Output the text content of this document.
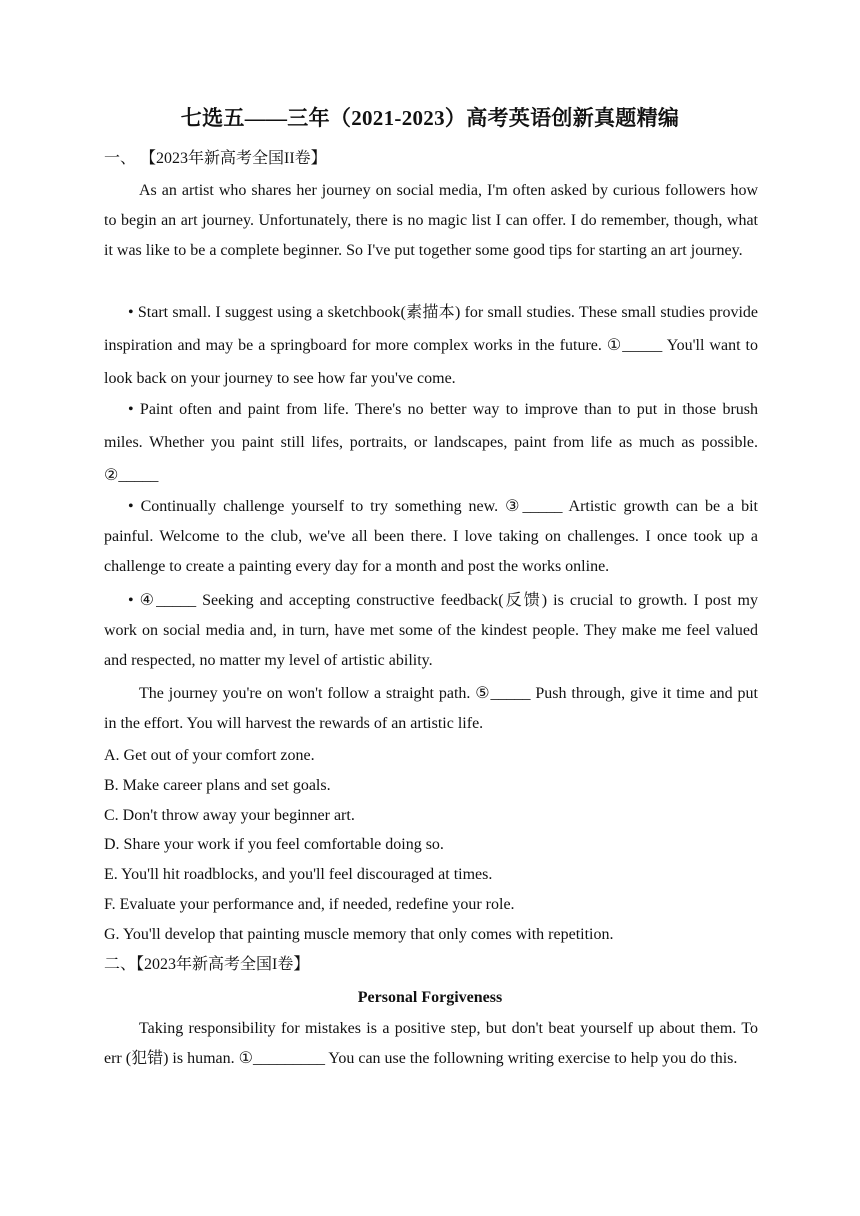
七选五——三年（2021-2023）高考英语创新真题精编
一、 【2023年新高考全国II卷】

As an artist who shares her journey on social media, I'm often asked by curious followers how to begin an art journey. Unfortunately, there is no magic list I can offer. I do remember, though, what it was like to be a complete beginner. So I've put together some good tips for starting an art journey.

• Start small. I suggest using a sketchbook(素描本) for small studies. These small studies provide inspiration and may be a springboard for more complex works in the future. ①_____ You'll want to look back on your journey to see how far you've come.

• Paint often and paint from life. There's no better way to improve than to put in those brush miles. Whether you paint still lifes, portraits, or landscapes, paint from life as much as possible. ②_____

• Continually challenge yourself to try something new. ③_____ Artistic growth can be a bit painful. Welcome to the club, we've all been there. I love taking on challenges. I once took up a challenge to create a painting every day for a month and post the works online.

• ④_____ Seeking and accepting constructive feedback(反馈) is crucial to growth. I post my work on social media and, in turn, have met some of the kindest people. They make me feel valued and respected, no matter my level of artistic ability.

The journey you're on won't follow a straight path. ⑤_____ Push through, give it time and put in the effort. You will harvest the rewards of an artistic life.

A. Get out of your comfort zone.
B. Make career plans and set goals.
C. Don't throw away your beginner art.
D. Share your work if you feel comfortable doing so.
E. You'll hit roadblocks, and you'll feel discouraged at times.
F. Evaluate your performance and, if needed, redefine your role.
G. You'll develop that painting muscle memory that only comes with repetition.
二、【2023年新高考全国I卷】
Personal Forgiveness

Taking responsibility for mistakes is a positive step, but don't beat yourself up about them. To err (犯错) is human. ①_________ You can use the followning writing exercise to help you do this.
